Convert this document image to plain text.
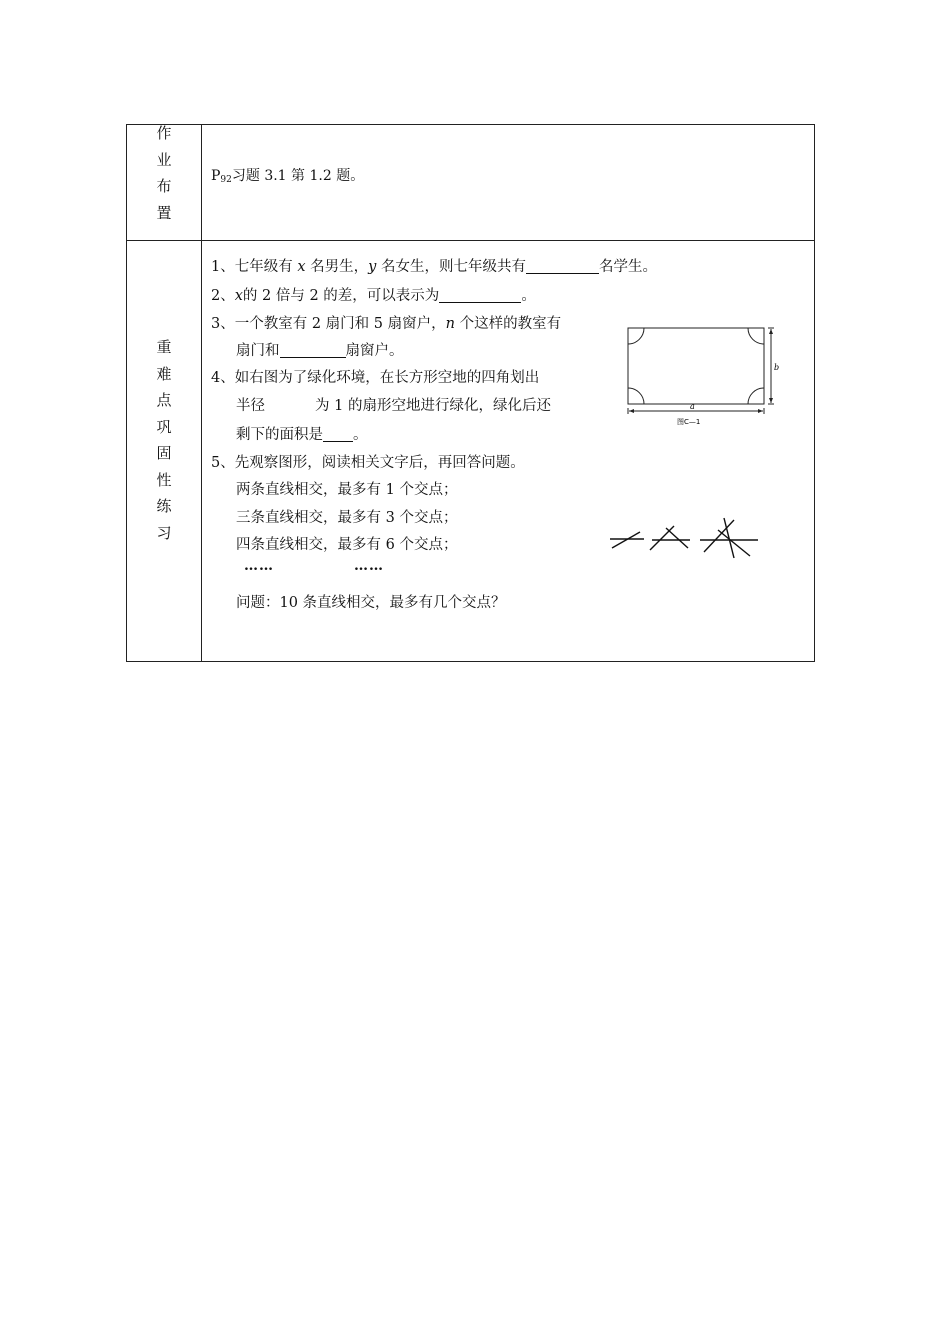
作
业
布
置
$P_{92}$习题 3.1 第 1.2 题。
重
难
点
巩
固
性
练
习
1、七年级有 x 名男生，y 名女生，则七年级共有	名学生。
2、x的 2 倍与 2 的差，可以表示为	。
3、一个教室有 2 扇门和 5 扇窗户，n 个这样的教室有
扇门和	扇窗户。
4、如右图为了绿化环境，在长方形空地的四角划出
半径	为 1 的扇形空地进行绿化，绿化后还
剩下的面积是 。
5、先观察图形，阅读相关文字后，再回答问题。
两条直线相交，最多有 1 个交点；
三条直线相交，最多有 3 个交点；
四条直线相交，最多有 6 个交点；
……	……
问题：10 条直线相交，最多有几个交点？
b
a
图C—1
